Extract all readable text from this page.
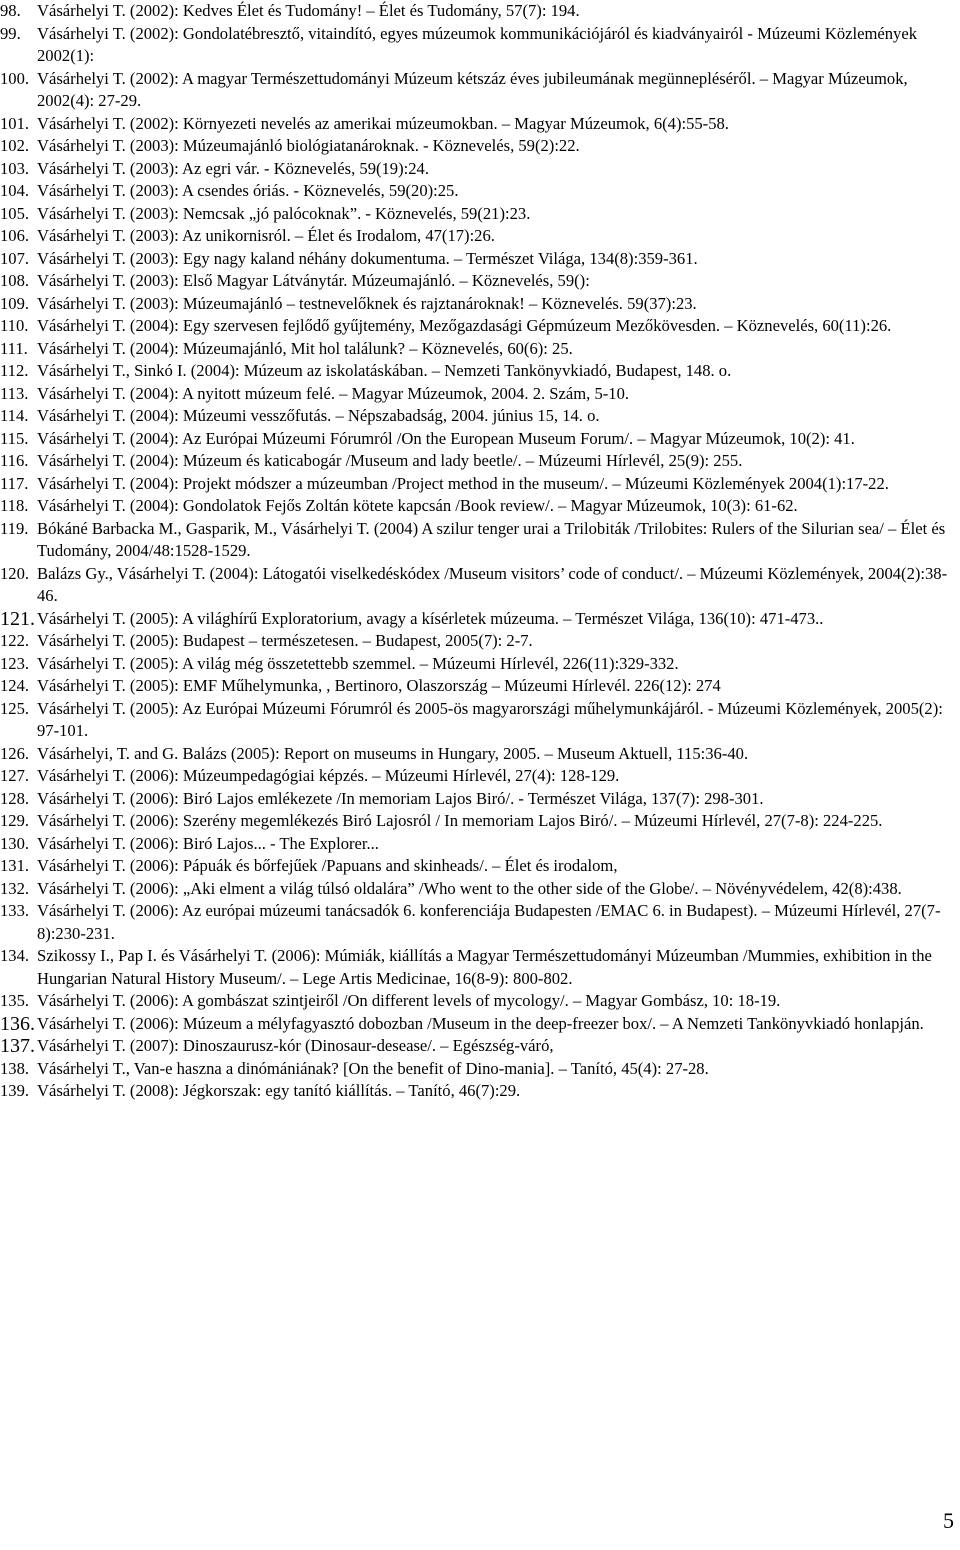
98. Vásárhelyi T. (2002): Kedves Élet és Tudomány! – Élet és Tudomány, 57(7): 194.
99. Vásárhelyi T. (2002): Gondolatébresztő, vitaindító, egyes múzeumok kommunikációjáról és kiadványairól - Múzeumi Közlemények 2002(1):
100. Vásárhelyi T. (2002): A magyar Természettudományi Múzeum kétszáz éves jubileumának megünnepléséről. – Magyar Múzeumok, 2002(4): 27-29.
101. Vásárhelyi T. (2002): Környezeti nevelés az amerikai múzeumokban. – Magyar Múzeumok, 6(4):55-58.
102. Vásárhelyi T. (2003): Múzeumajánló biológiatanároknak. - Köznevelés, 59(2):22.
103. Vásárhelyi T. (2003): Az egri vár. - Köznevelés, 59(19):24.
104. Vásárhelyi T. (2003): A csendes óriás. - Köznevelés, 59(20):25.
105. Vásárhelyi T. (2003): Nemcsak „jó palócoknak”. - Köznevelés, 59(21):23.
106. Vásárhelyi T. (2003): Az unikornisról. – Élet és Irodalom, 47(17):26.
107. Vásárhelyi T. (2003): Egy nagy kaland néhány dokumentuma. – Természet Világa, 134(8):359-361.
108. Vásárhelyi T. (2003): Első Magyar Látványtár. Múzeumajánló. – Köznevelés, 59():
109. Vásárhelyi T. (2003): Múzeumajánló – testnevelőknek és rajztanároknak! – Köznevelés. 59(37):23.
110. Vásárhelyi T. (2004): Egy szervesen fejlődő gyűjtemény, Mezőgazdasági Gépmúzeum Mezőkövesden. – Köznevelés, 60(11):26.
111. Vásárhelyi T. (2004): Múzeumajánló, Mit hol találunk? – Köznevelés, 60(6): 25.
112. Vásárhelyi T., Sinkó I. (2004): Múzeum az iskolatáskában. – Nemzeti Tankönyvkiadó, Budapest, 148. o.
113. Vásárhelyi T. (2004): A nyitott múzeum felé. – Magyar Múzeumok, 2004. 2. Szám, 5-10.
114. Vásárhelyi T. (2004): Múzeumi vesszőfutás. – Népszabadság, 2004. június 15, 14. o.
115. Vásárhelyi T. (2004): Az Európai Múzeumi Fórumról /On the European Museum Forum/. – Magyar Múzeumok, 10(2): 41.
116. Vásárhelyi T. (2004): Múzeum és katicabogár /Museum and lady beetle/. – Múzeumi Hírlevél, 25(9): 255.
117. Vásárhelyi T. (2004): Projekt módszer a múzeumban /Project method in the museum/. – Múzeumi Közlemények 2004(1):17-22.
118. Vásárhelyi T. (2004): Gondolatok Fejős Zoltán kötete kapcsán /Book review/. – Magyar Múzeumok, 10(3): 61-62.
119. Bókáné Barbacka M., Gasparik, M., Vásárhelyi T. (2004) A szilur tenger urai a Trilobiták /Trilobites: Rulers of the Silurian sea/ – Élet és Tudomány, 2004/48:1528-1529.
120. Balázs Gy., Vásárhelyi T. (2004): Látogatói viselkedéskódex /Museum visitors’ code of conduct/. – Múzeumi Közlemények, 2004(2):38-46.
121. Vásárhelyi T. (2005): A világhírű Exploratorium, avagy a kísérletek múzeuma. – Természet Világa, 136(10): 471-473..
122. Vásárhelyi T. (2005): Budapest – természetesen. – Budapest, 2005(7): 2-7.
123. Vásárhelyi T. (2005): A világ még összetettebb szemmel. – Múzeumi Hírlevél, 226(11):329-332.
124. Vásárhelyi T. (2005): EMF Műhelymunka, , Bertinoro, Olaszország – Múzeumi Hírlevél. 226(12): 274
125. Vásárhelyi T. (2005): Az Európai Múzeumi Fórumról és 2005-ös magyarországi műhelymunkájáról. - Múzeumi Közlemények, 2005(2): 97-101.
126. Vásárhelyi, T. and G. Balázs (2005): Report on museums in Hungary, 2005. – Museum Aktuell, 115:36-40.
127. Vásárhelyi T. (2006): Múzeumpedagógiai képzés. – Múzeumi Hírlevél, 27(4): 128-129.
128. Vásárhelyi T. (2006): Biró Lajos emlékezete /In memoriam Lajos Biró/. - Természet Világa, 137(7): 298-301.
129. Vásárhelyi T. (2006): Szerény megemlékezés Biró Lajosról / In memoriam Lajos Biró/. – Múzeumi Hírlevél, 27(7-8): 224-225.
130. Vásárhelyi T. (2006): Biró Lajos... - The Explorer...
131. Vásárhelyi T. (2006): Pápuák és bőrfejűek /Papuans and skinheads/. – Élet és irodalom,
132. Vásárhelyi T. (2006): „Aki elment a világ túlsó oldalára” /Who went to the other side of the Globe/. – Növényvédelem, 42(8):438.
133. Vásárhelyi T. (2006): Az európai múzeumi tanácsadók 6. konferenciája Budapesten /EMAC 6. in Budapest). – Múzeumi Hírlevél, 27(7-8):230-231.
134. Szikossy I., Pap I. és Vásárhelyi T. (2006): Múmiák, kiállítás a Magyar Természettudományi Múzeumban /Mummies, exhibition in the Hungarian Natural History Museum/. – Lege Artis Medicinae, 16(8-9): 800-802.
135. Vásárhelyi T. (2006): A gombászat szintjeiről /On different levels of mycology/. – Magyar Gombász, 10: 18-19.
136. Vásárhelyi T. (2006): Múzeum a mélyfagyasztó dobozban /Museum in the deep-freezer box/. – A Nemzeti Tankönyvkiadó honlapján.
137. Vásárhelyi T. (2007): Dinoszaurusz-kór (Dinosaur-desease/. – Egészség-váró,
138. Vásárhelyi T., Van-e haszna a dinómániának? [On the benefit of Dino-mania]. – Tanító, 45(4): 27-28.
139. Vásárhelyi T. (2008): Jégkorszak: egy tanító kiállítás. – Tanító, 46(7):29.
5
